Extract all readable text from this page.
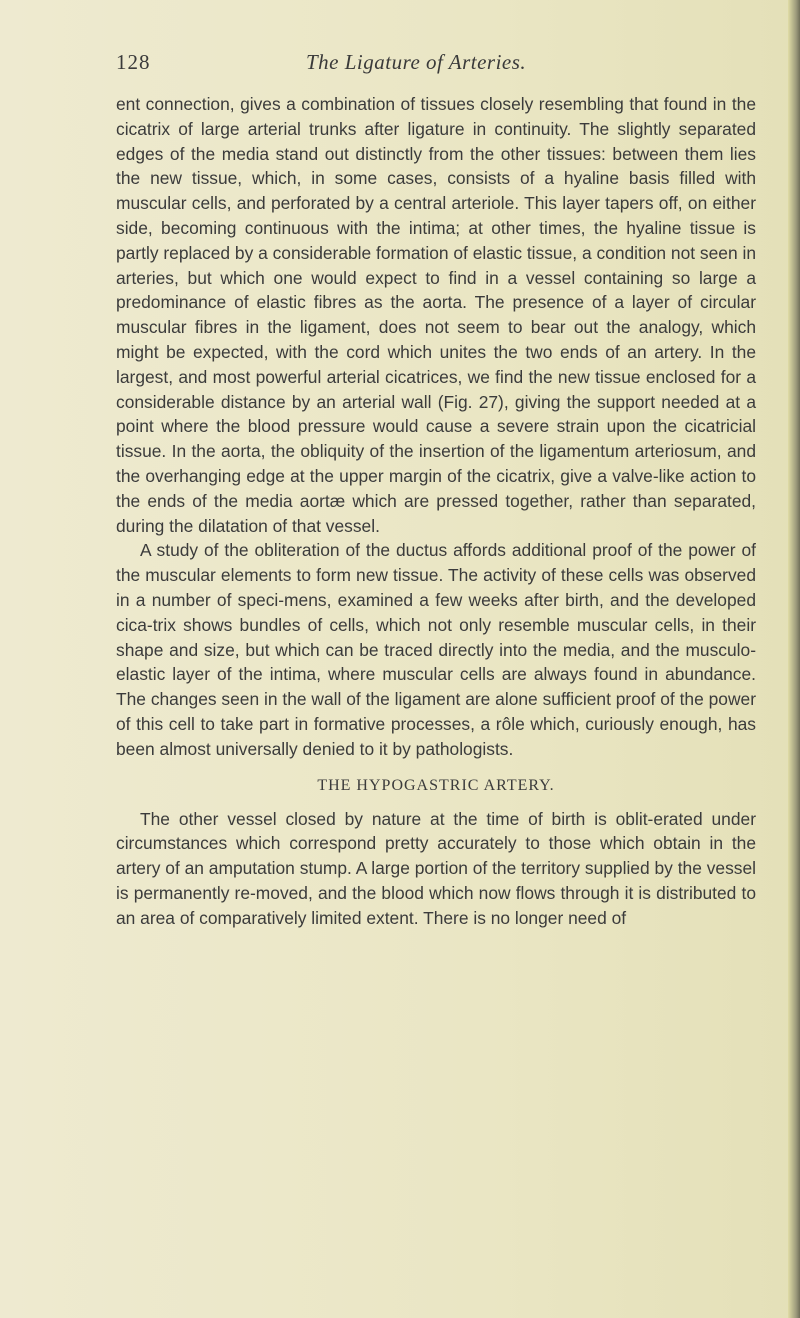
128	The Ligature of Arteries.

ent connection, gives a combination of tissues closely resembling that found in the cicatrix of large arterial trunks after ligature in continuity. The slightly separated edges of the media stand out distinctly from the other tissues: between them lies the new tissue, which, in some cases, consists of a hyaline basis filled with muscular cells, and perforated by a central arteriole. This layer tapers off, on either side, becoming continuous with the intima; at other times, the hyaline tissue is partly replaced by a considerable formation of elastic tissue, a condition not seen in arteries, but which one would expect to find in a vessel containing so large a predominance of elastic fibres as the aorta. The presence of a layer of circular muscular fibres in the ligament, does not seem to bear out the analogy, which might be expected, with the cord which unites the two ends of an artery. In the largest, and most powerful arterial cicatrices, we find the new tissue enclosed for a considerable distance by an arterial wall (Fig. 27), giving the support needed at a point where the blood pressure would cause a severe strain upon the cicatricial tissue. In the aorta, the obliquity of the insertion of the ligamentum arteriosum, and the overhanging edge at the upper margin of the cicatrix, give a valve-like action to the ends of the media aortæ which are pressed together, rather than separated, during the dilatation of that vessel.

A study of the obliteration of the ductus affords additional proof of the power of the muscular elements to form new tissue. The activity of these cells was observed in a number of speci-mens, examined a few weeks after birth, and the developed cica-trix shows bundles of cells, which not only resemble muscular cells, in their shape and size, but which can be traced directly into the media, and the musculo-elastic layer of the intima, where muscular cells are always found in abundance. The changes seen in the wall of the ligament are alone sufficient proof of the power of this cell to take part in formative processes, a rôle which, curiously enough, has been almost universally denied to it by pathologists.

THE HYPOGASTRIC ARTERY.

The other vessel closed by nature at the time of birth is oblit-erated under circumstances which correspond pretty accurately to those which obtain in the artery of an amputation stump. A large portion of the territory supplied by the vessel is permanently re-moved, and the blood which now flows through it is distributed to an area of comparatively limited extent. There is no longer need of
